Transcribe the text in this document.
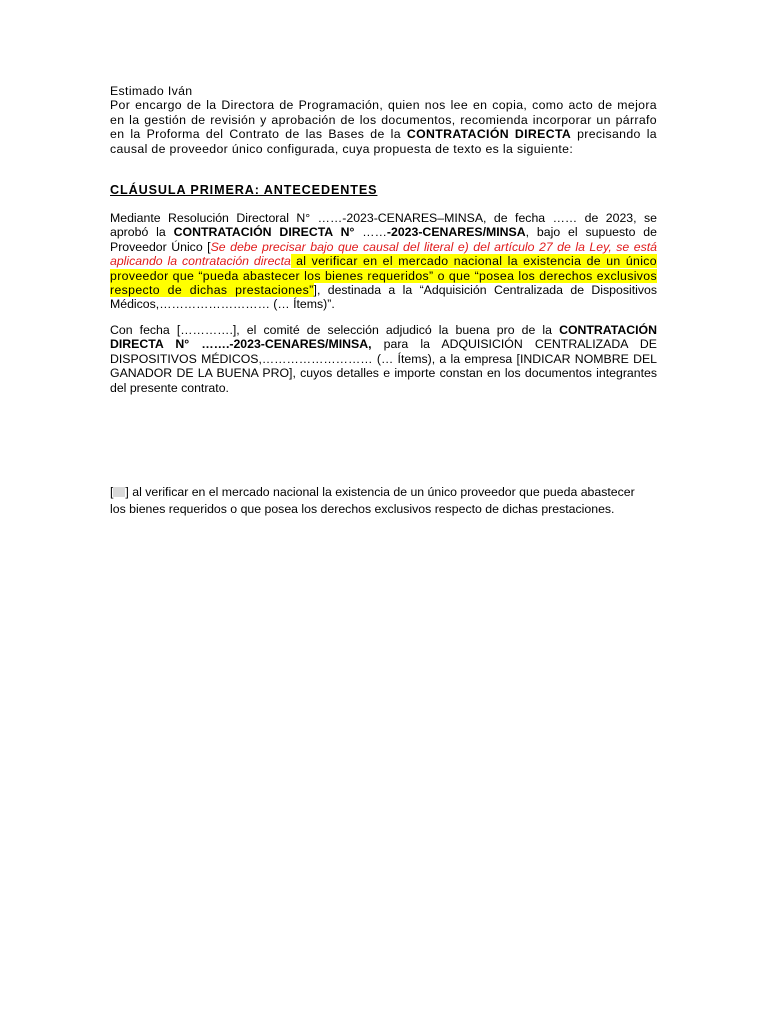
Estimado Iván
Por encargo de la Directora de Programación, quien nos lee en copia, como acto de mejora en la gestión de revisión y aprobación de los documentos, recomienda incorporar un párrafo en la Proforma del Contrato de las Bases de la CONTRATACIÓN DIRECTA precisando la causal de proveedor único configurada, cuya propuesta de texto es la siguiente:
CLÁUSULA PRIMERA: ANTECEDENTES
Mediante Resolución Directoral N° ……-2023-CENARES–MINSA, de fecha …… de 2023, se aprobó la CONTRATACIÓN DIRECTA N° ……-2023-CENARES/MINSA, bajo el supuesto de Proveedor Único [Se debe precisar bajo que causal del literal e) del artículo 27 de la Ley, se está aplicando la contratación directa al verificar en el mercado nacional la existencia de un único proveedor que “pueda abastecer los bienes requeridos” o que “posea los derechos exclusivos respecto de dichas prestaciones”], destinada a la “Adquisición Centralizada de Dispositivos Médicos,……………………… (… Ítems)”.
Con fecha [………….], el comité de selección adjudicó la buena pro de la CONTRATACIÓN DIRECTA N° …….-2023-CENARES/MINSA, para la ADQUISICIÓN CENTRALIZADA DE DISPOSITIVOS MÉDICOS,……………………… (… Ítems), a la empresa [INDICAR NOMBRE DEL GANADOR DE LA BUENA PRO], cuyos detalles e importe constan en los documentos integrantes del presente contrato.
[ ] al verificar en el mercado nacional la existencia de un único proveedor que pueda abastecer los bienes requeridos o que posea los derechos exclusivos respecto de dichas prestaciones.
